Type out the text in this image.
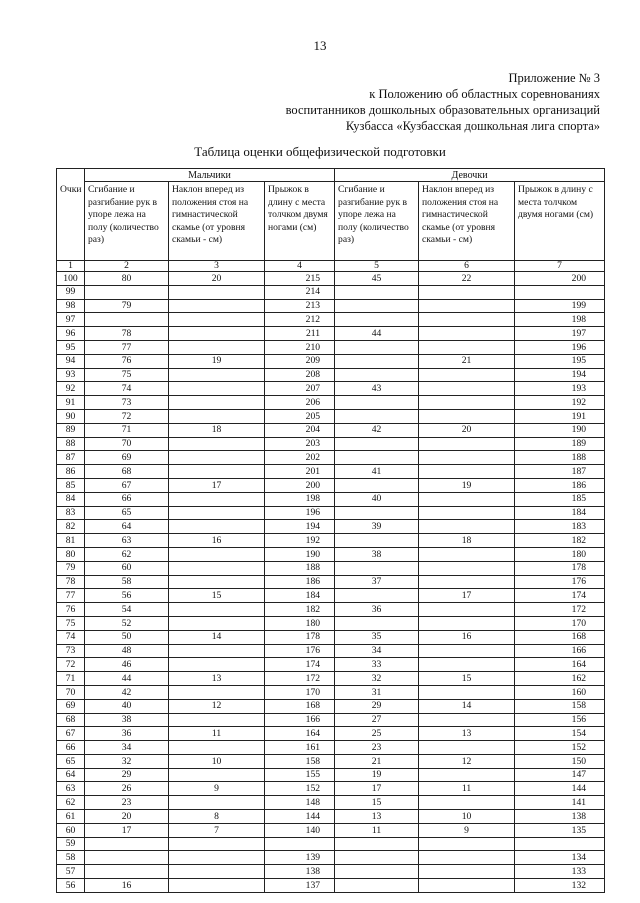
13
Приложение № 3
к Положению об областных соревнованиях
воспитанников дошкольных образовательных организаций
Кузбасса «Кузбасская дошкольная лига спорта»
Таблица оценки общефизической подготовки
	Мальчики			Девочки		
Очки	Сгибание и разгибание рук в упоре лежа на полу (количество раз)	Наклон вперед из положения стоя на гимнастической скамье (от уровня скамьи - см)	Прыжок в длину с места толчком двумя ногами (см)	Сгибание и разгибание рук в упоре лежа на полу (количество раз)	Наклон вперед из положения стоя на гимнастической скамье (от уровня скамьи - см)	Прыжок в длину с места толчком двумя ногами (см)
1	2	3	4	5	6	7
100	80	20	215	45	22	200
99			214			
98	79		213			199
97			212			198
96	78		211	44		197
95	77		210			196
94	76	19	209		21	195
93	75		208			194
92	74		207	43		193
91	73		206			192
90	72		205			191
89	71	18	204	42	20	190
88	70		203			189
87	69		202			188
86	68		201	41		187
85	67	17	200		19	186
84	66		198	40		185
83	65		196			184
82	64		194	39		183
81	63	16	192		18	182
80	62		190	38		180
79	60		188			178
78	58		186	37		176
77	56	15	184		17	174
76	54		182	36		172
75	52		180			170
74	50	14	178	35	16	168
73	48		176	34		166
72	46		174	33		164
71	44	13	172	32	15	162
70	42		170	31		160
69	40	12	168	29	14	158
68	38		166	27		156
67	36	11	164	25	13	154
66	34		161	23		152
65	32	10	158	21	12	150
64	29		155	19		147
63	26	9	152	17	11	144
62	23		148	15		141
61	20	8	144	13	10	138
60	17	7	140	11	9	135
59						
58			139			134
57			138			133
56	16		137			132
